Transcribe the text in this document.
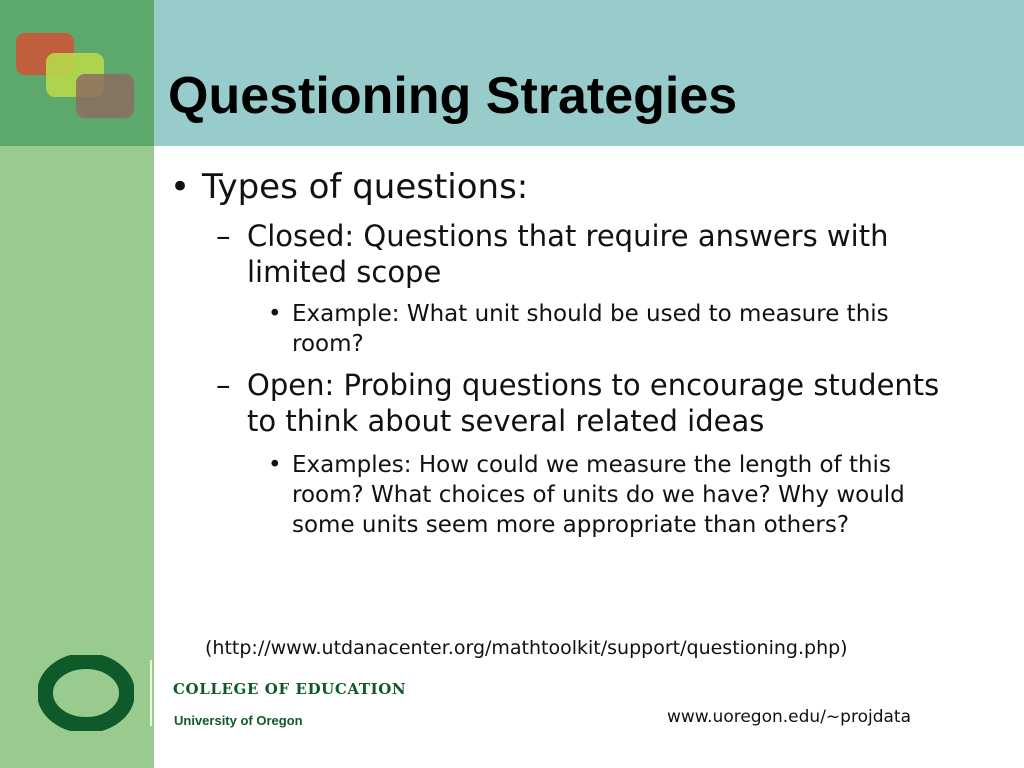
Questioning Strategies
• Types of questions:
– Closed: Questions that require answers with limited scope
• Example: What unit should be used to measure this room?
– Open: Probing questions to encourage students to think about several related ideas
• Examples: How could we measure the length of this room? What choices of units do we have? Why would some units seem more appropriate than others?
(http://www.utdanacenter.org/mathtoolkit/support/questioning.php)
www.uoregon.edu/~projdata
COLLEGE OF EDUCATION
University of Oregon
